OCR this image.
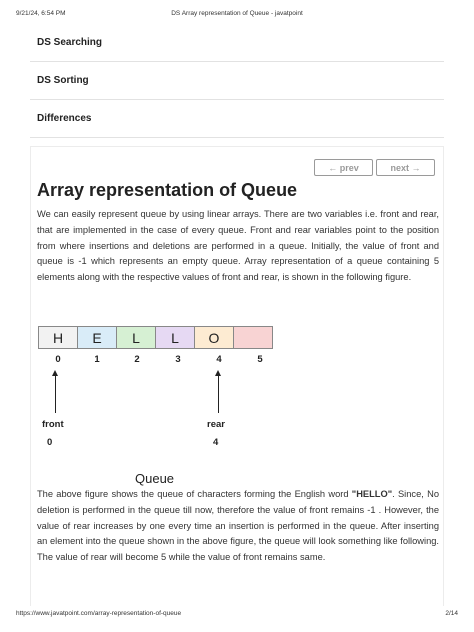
9/21/24, 6:54 PM	DS Array representation of Queue - javatpoint
DS Searching
DS Sorting
Differences
← prev	next →
Array representation of Queue

We can easily represent queue by using linear arrays. There are two variables i.e. front and rear, that are implemented in the case of every queue. Front and rear variables point to the position from where insertions and deletions are performed in a queue. Initially, the value of front and queue is -1 which represents an empty queue. Array representation of a queue containing 5 elements along with the respective values of front and rear, is shown in the following figure.

H	E	L	L	O
0	1	2	3	4	5
front
0
rear
4
Queue

The above figure shows the queue of characters forming the English word "HELLO". Since, No deletion is performed in the queue till now, therefore the value of front remains -1 . However, the value of rear increases by one every time an insertion is performed in the queue. After inserting an element into the queue shown in the above figure, the queue will look something like following. The value of rear will become 5 while the value of front remains same.

https://www.javatpoint.com/array-representation-of-queue	2/14
